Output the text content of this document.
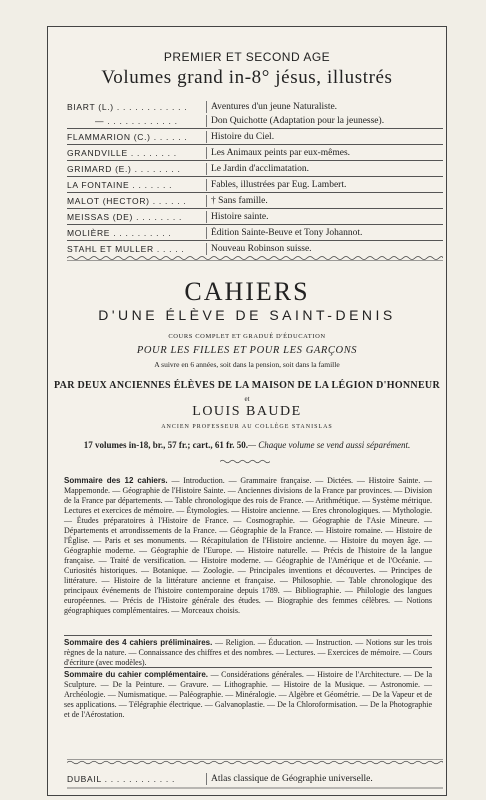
PREMIER ET SECOND AGE
Volumes grand in-8° jésus, illustrés
BIART (L.) . . . . . . . . . . . .	Aventures d'un jeune Naturaliste.
— . . . . . . . . . . . .	Don Quichotte (Adaptation pour la jeunesse).
FLAMMARION (C.) . . . . . .	Histoire du Ciel.
GRANDVILLE . . . . . . . .	Les Animaux peints par eux-mêmes.
GRIMARD (E.) . . . . . . . .	Le Jardin d'acclimatation.
LA FONTAINE . . . . . . .	Fables, illustrées par Eug. Lambert.
MALOT (HECTOR) . . . . . .	† Sans famille.
MEISSAS (DE) . . . . . . . .	Histoire sainte.
MOLIÈRE . . . . . . . . . .	Édition Sainte-Beuve et Tony Johannot.
STAHL ET MULLER . . . . .	Nouveau Robinson suisse.
CAHIERS
D'UNE ÉLÈVE DE SAINT-DENIS
COURS COMPLET ET GRADUÉ D'ÉDUCATION
POUR LES FILLES ET POUR LES GARÇONS
A suivre en 6 années, soit dans la pension, soit dans la famille
PAR DEUX ANCIENNES ÉLÈVES DE LA MAISON DE LA LÉGION D'HONNEUR
et
LOUIS BAUDE
ANCIEN PROFESSEUR AU COLLÈGE STANISLAS
17 volumes in-18, br., 57 fr.; cart., 61 fr. 50.— Chaque volume se vend aussi séparément.
Sommaire des 12 cahiers. — Introduction. — Grammaire française. — Dictées. — Histoire Sainte. — Mappemonde. — Géographie de l'Histoire Sainte. — Anciennes divisions de la France par provinces. — Division de la France par départements. — Table chronologique des rois de France. — Arithmétique. — Système métrique. Lectures et exercices de mémoire. — Étymologies. — Histoire ancienne. — Eres chronologiques. — Mythologie. — Études préparatoires à l'Histoire de France. — Cosmographie. — Géographie de l'Asie Mineure. — Départements et arrondissements de la France. — Géographie de la France. — Histoire romaine. — Histoire de l'Église. — Paris et ses monuments. — Récapitulation de l'Histoire ancienne. — Histoire du moyen âge. — Géographie moderne. — Géographie de l'Europe. — Histoire naturelle. — Précis de l'histoire de la langue française. — Traité de versification. — Histoire moderne. — Géographie de l'Amérique et de l'Océanie. — Curiosités historiques. — Botanique. — Zoologie. — Principales inventions et découvertes. — Principes de littérature. — Histoire de la littérature ancienne et française. — Philosophie. — Table chronologique des principaux événements de l'histoire contemporaine depuis 1789. — Bibliographie. — Philologie des langues européennes. — Précis de l'Histoire générale des études. — Biographie des femmes célèbres. — Notions géographiques complémentaires. — Morceaux choisis.
Sommaire des 4 cahiers préliminaires. — Religion. — Éducation. — Instruction. — Notions sur les trois règnes de la nature. — Connaissance des chiffres et des nombres. — Lectures. — Exercices de mémoire. — Cours d'écriture (avec modèles).
Sommaire du cahier complémentaire. — Considérations générales. — Histoire de l'Architecture. — De la Sculpture. — De la Peinture. — Gravure. — Lithographie. — Histoire de la Musique. — Astronomie. — Archéologie. — Numismatique. — Paléographie. — Minéralogie. — Algèbre et Géométrie. — De la Vapeur et de ses applications. — Télégraphie électrique. — Galvanoplastie. — De la Chloroformisation. — De la Photographie et de l'Aérostation.
DUBAIL . . . . . . . . . . . .	Atlas classique de Géographie universelle.
